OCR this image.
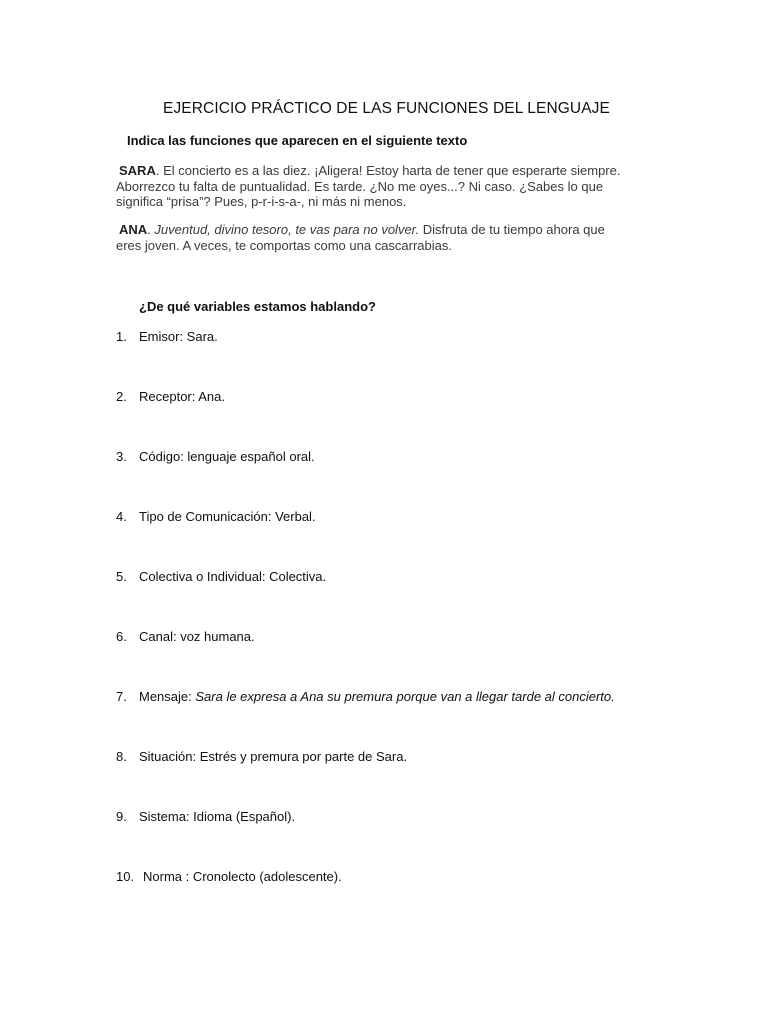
EJERCICIO PRÁCTICO DE LAS FUNCIONES DEL LENGUAJE
Indica las funciones que aparecen en el siguiente texto
SARA. El concierto es a las diez. ¡Aligera! Estoy harta de tener que esperarte siempre.
Aborrezco tu falta de puntualidad. Es tarde. ¿No me oyes...? Ni caso. ¿Sabes lo que
significa “prisa”? Pues, p-r-i-s-a-, ni más ni menos.
ANA. Juventud, divino tesoro, te vas para no volver. Disfruta de tu tiempo ahora que
eres joven. A veces, te comportas como una cascarrabias.
¿De qué variables estamos hablando?
1. Emisor: Sara.
2. Receptor: Ana.
3. Código: lenguaje español oral.
4. Tipo de Comunicación: Verbal.
5. Colectiva o Individual: Colectiva.
6. Canal: voz humana.
7. Mensaje: Sara le expresa a Ana su premura porque van a llegar tarde al concierto.
8. Situación: Estrés y premura por parte de Sara.
9. Sistema: Idioma (Español).
10. Norma : Cronolecto (adolescente).
